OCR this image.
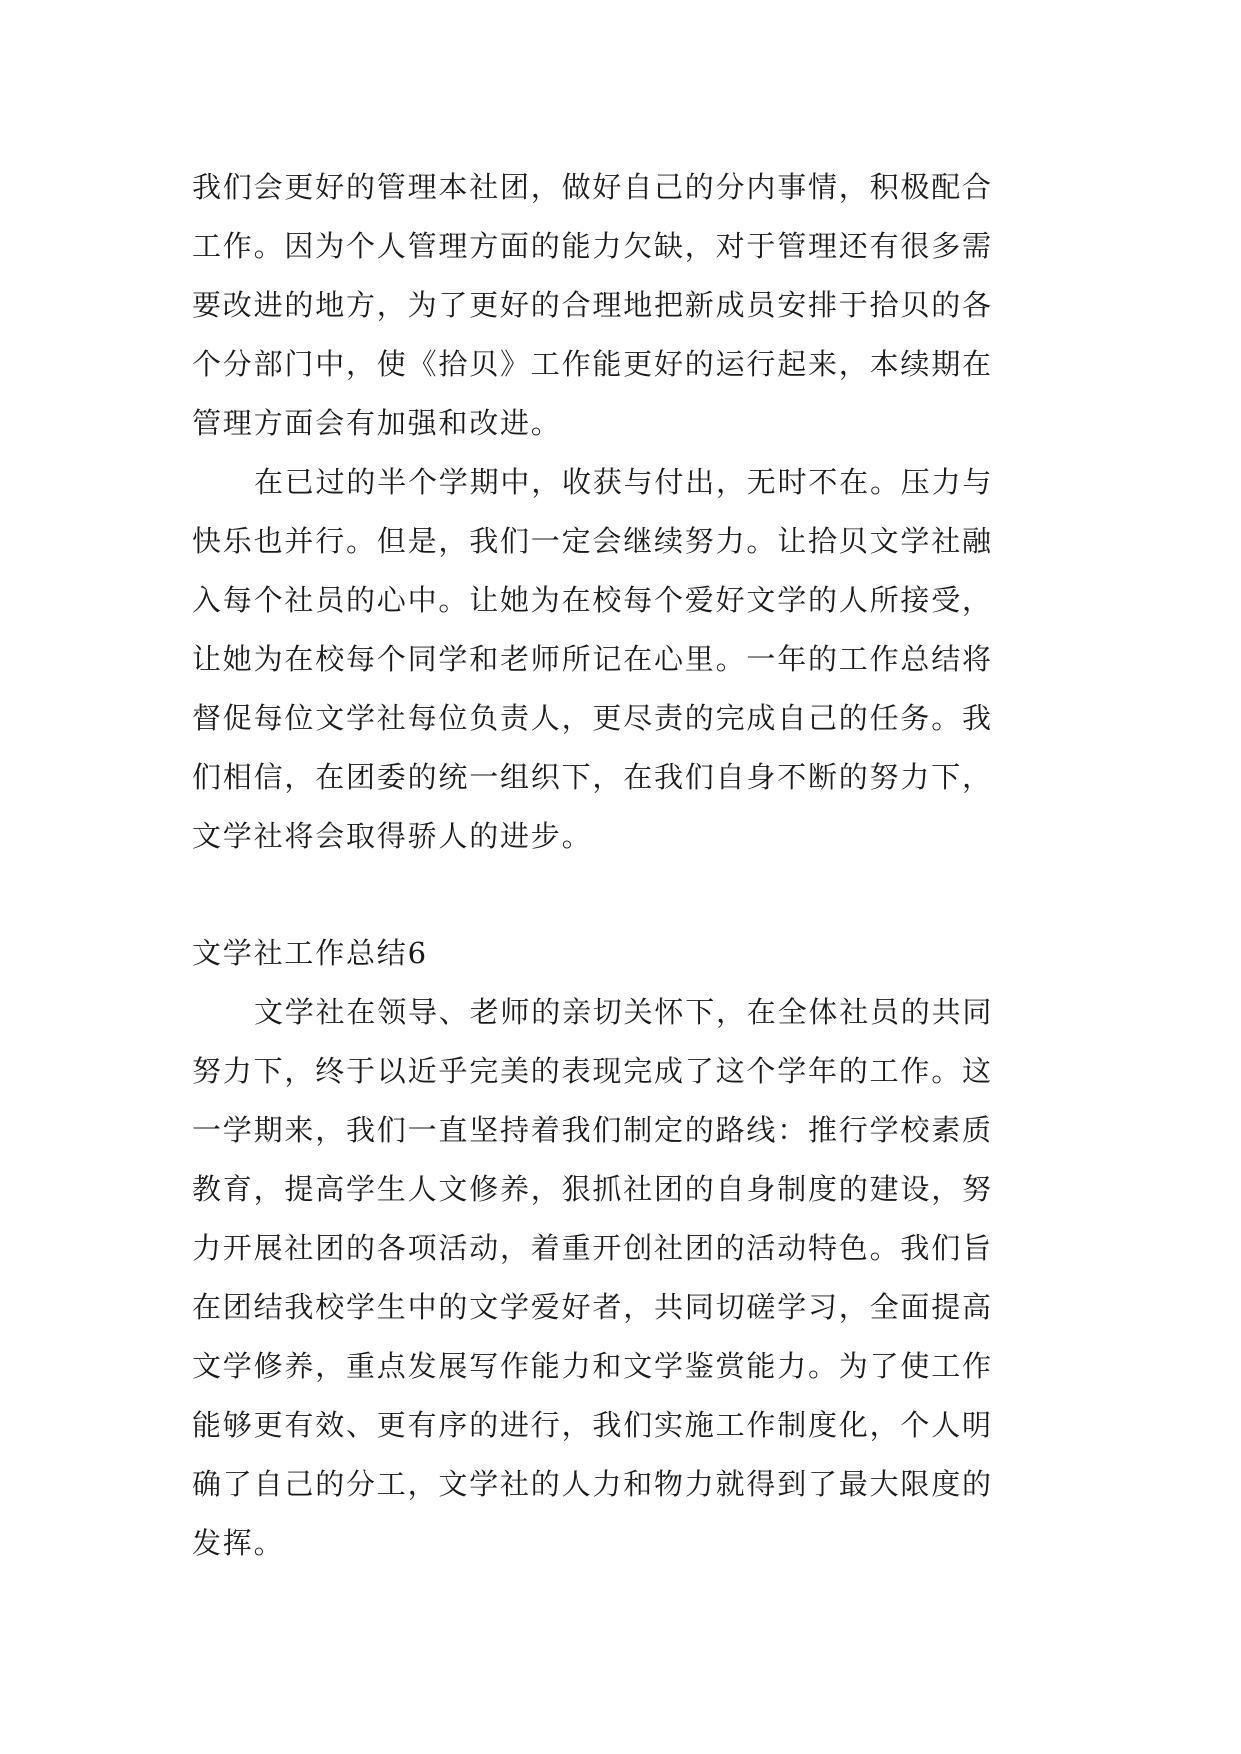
我们会更好的管理本社团，做好自己的分内事情，积极配合
工作。因为个人管理方面的能力欠缺，对于管理还有很多需
要改进的地方，为了更好的合理地把新成员安排于拾贝的各
个分部门中，使《拾贝》工作能更好的运行起来，本续期在
管理方面会有加强和改进。
在已过的半个学期中，收获与付出，无时不在。压力与
快乐也并行。但是，我们一定会继续努力。让拾贝文学社融
入每个社员的心中。让她为在校每个爱好文学的人所接受，
让她为在校每个同学和老师所记在心里。一年的工作总结将
督促每位文学社每位负责人，更尽责的完成自己的任务。我
们相信，在团委的统一组织下，在我们自身不断的努力下，
文学社将会取得骄人的进步。
文学社工作总结6
文学社在领导、老师的亲切关怀下，在全体社员的共同
努力下，终于以近乎完美的表现完成了这个学年的工作。这
一学期来，我们一直坚持着我们制定的路线：推行学校素质
教育，提高学生人文修养，狠抓社团的自身制度的建设，努
力开展社团的各项活动，着重开创社团的活动特色。我们旨
在团结我校学生中的文学爱好者，共同切磋学习，全面提高
文学修养，重点发展写作能力和文学鉴赏能力。为了使工作
能够更有效、更有序的进行，我们实施工作制度化，个人明
确了自己的分工，文学社的人力和物力就得到了最大限度的
发挥。
